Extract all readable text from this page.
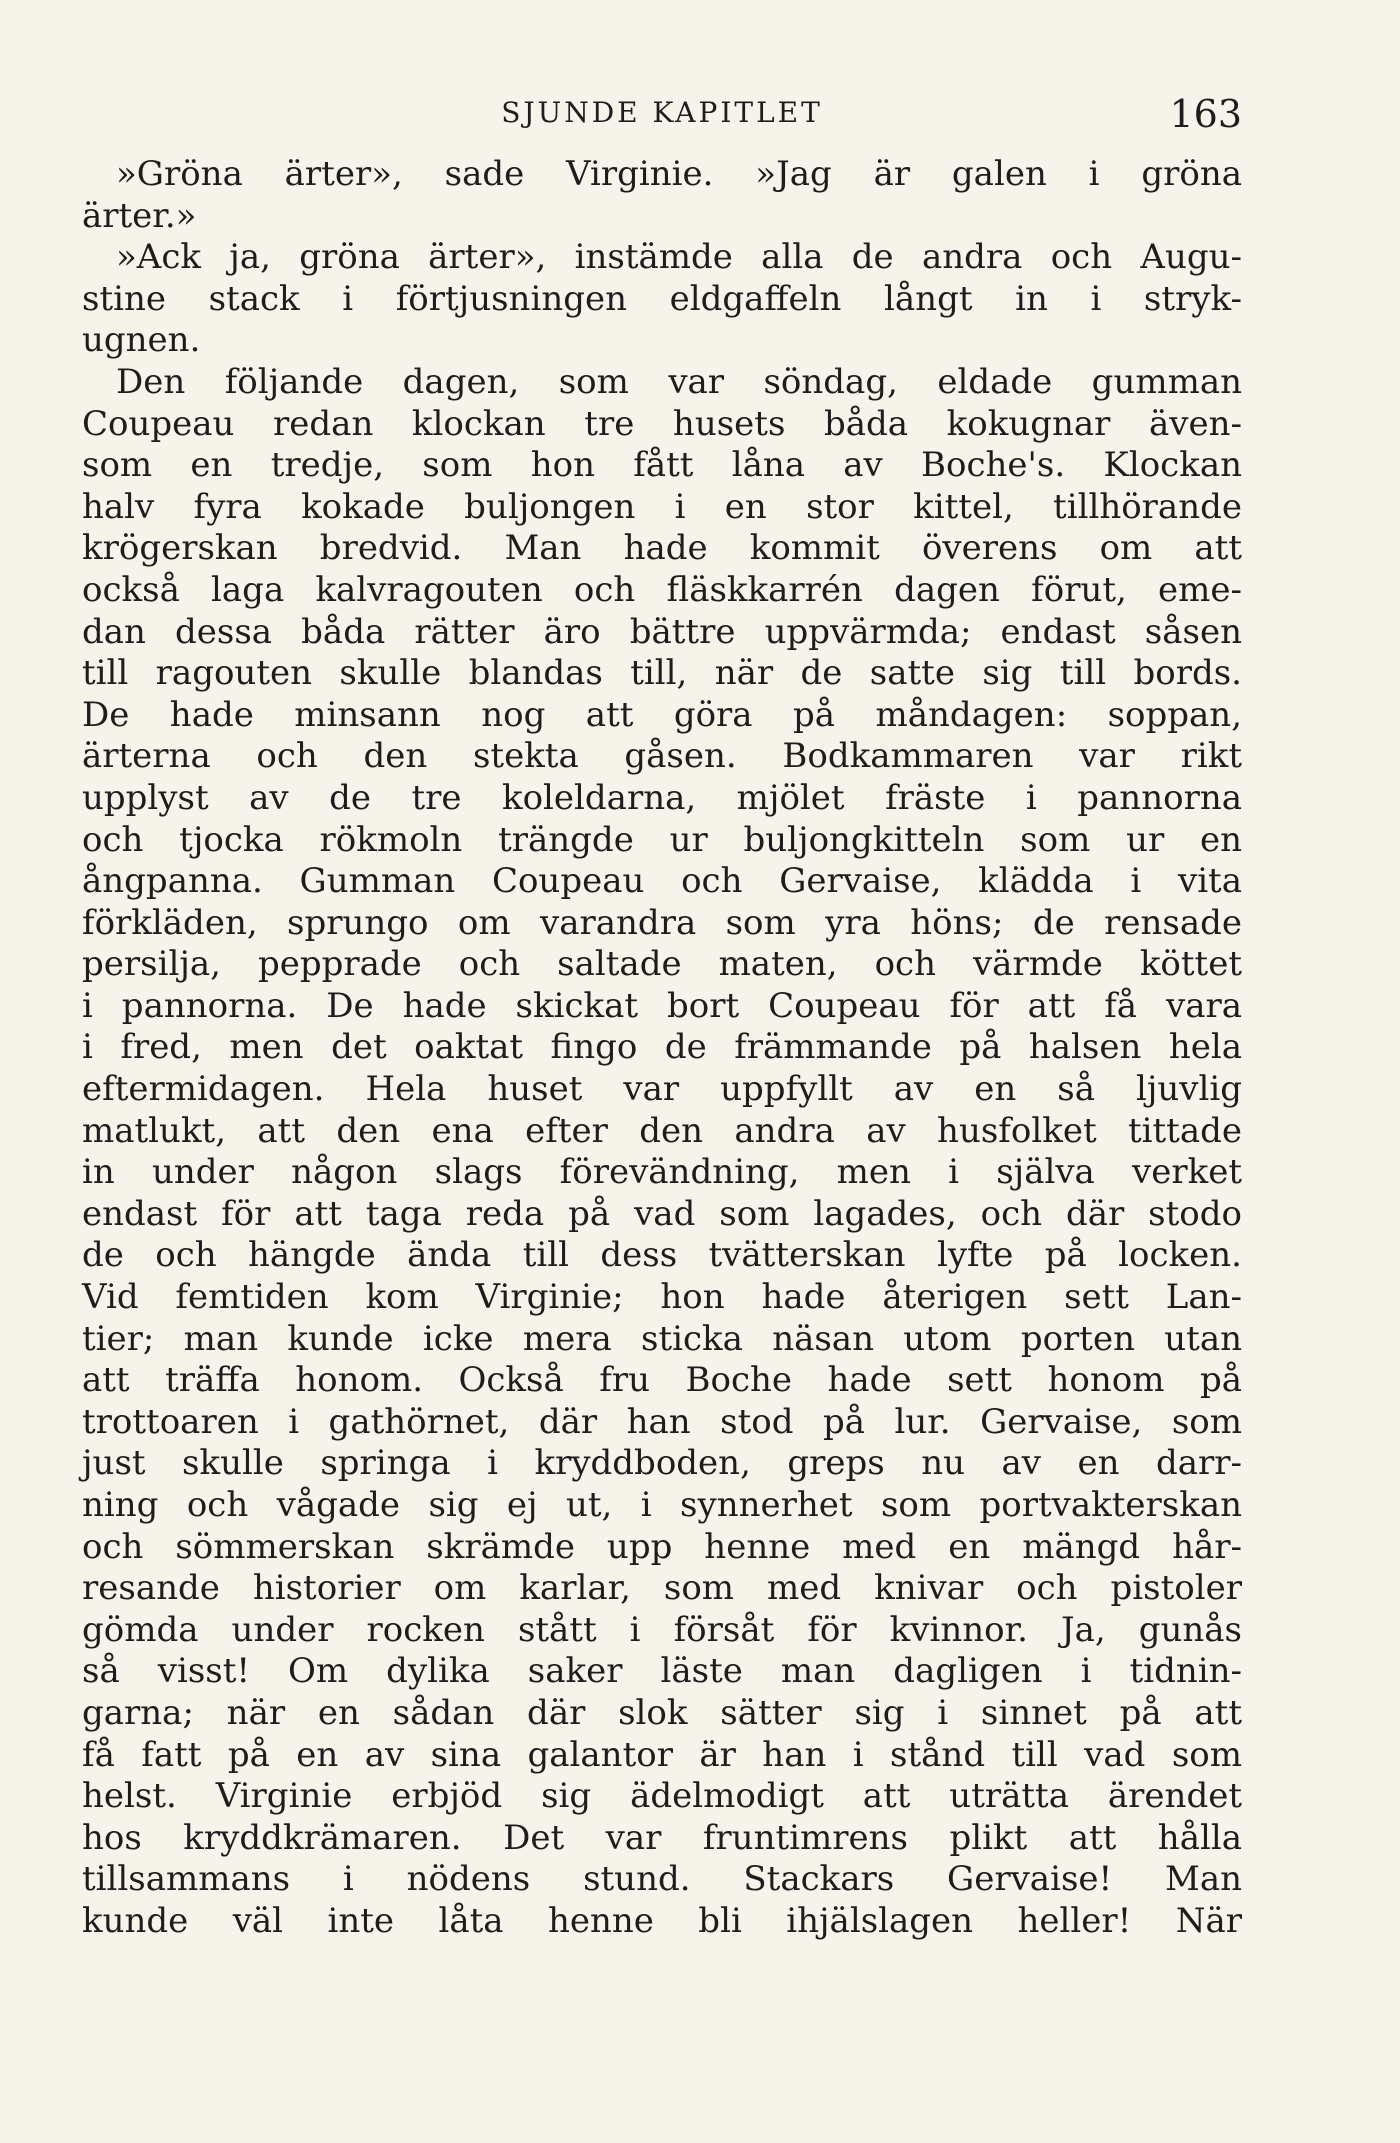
SJUNDE KAPITLET	163
»Gröna ärter», sade Virginie. »Jag är galen i gröna
ärter.»
»Ack ja, gröna ärter», instämde alla de andra och Augu-
stine stack i förtjusningen eldgaffeln långt in i stryk-
ugnen.
Den följande dagen, som var söndag, eldade gumman
Coupeau redan klockan tre husets båda kokugnar även-
som en tredje, som hon fått låna av Boche's. Klockan
halv fyra kokade buljongen i en stor kittel, tillhörande
krögerskan bredvid. Man hade kommit överens om att
också laga kalvragouten och fläskkarrén dagen förut, eme-
dan dessa båda rätter äro bättre uppvärmda; endast såsen
till ragouten skulle blandas till, när de satte sig till bords.
De hade minsann nog att göra på måndagen: soppan,
ärterna och den stekta gåsen. Bodkammaren var rikt
upplyst av de tre koleldarna, mjölet fräste i pannorna
och tjocka rökmoln trängde ur buljongkitteln som ur en
ångpanna. Gumman Coupeau och Gervaise, klädda i vita
förkläden, sprungo om varandra som yra höns; de rensade
persilja, pepprade och saltade maten, och värmde köttet
i pannorna. De hade skickat bort Coupeau för att få vara
i fred, men det oaktat fingo de främmande på halsen hela
eftermidagen. Hela huset var uppfyllt av en så ljuvlig
matlukt, att den ena efter den andra av husfolket tittade
in under någon slags förevändning, men i själva verket
endast för att taga reda på vad som lagades, och där stodo
de och hängde ända till dess tvätterskan lyfte på locken.
Vid femtiden kom Virginie; hon hade återigen sett Lan-
tier; man kunde icke mera sticka näsan utom porten utan
att träffa honom. Också fru Boche hade sett honom på
trottoaren i gathörnet, där han stod på lur. Gervaise, som
just skulle springa i kryddboden, greps nu av en darr-
ning och vågade sig ej ut, i synnerhet som portvakterskan
och sömmerskan skrämde upp henne med en mängd hår-
resande historier om karlar, som med knivar och pistoler
gömda under rocken stått i försåt för kvinnor. Ja, gunås
så visst! Om dylika saker läste man dagligen i tidnin-
garna; när en sådan där slok sätter sig i sinnet på att
få fatt på en av sina galantor är han i stånd till vad som
helst. Virginie erbjöd sig ädelmodigt att uträtta ärendet
hos kryddkrämaren. Det var fruntimrens plikt att hålla
tillsammans i nödens stund. Stackars Gervaise! Man
kunde väl inte låta henne bli ihjälslagen heller! När
